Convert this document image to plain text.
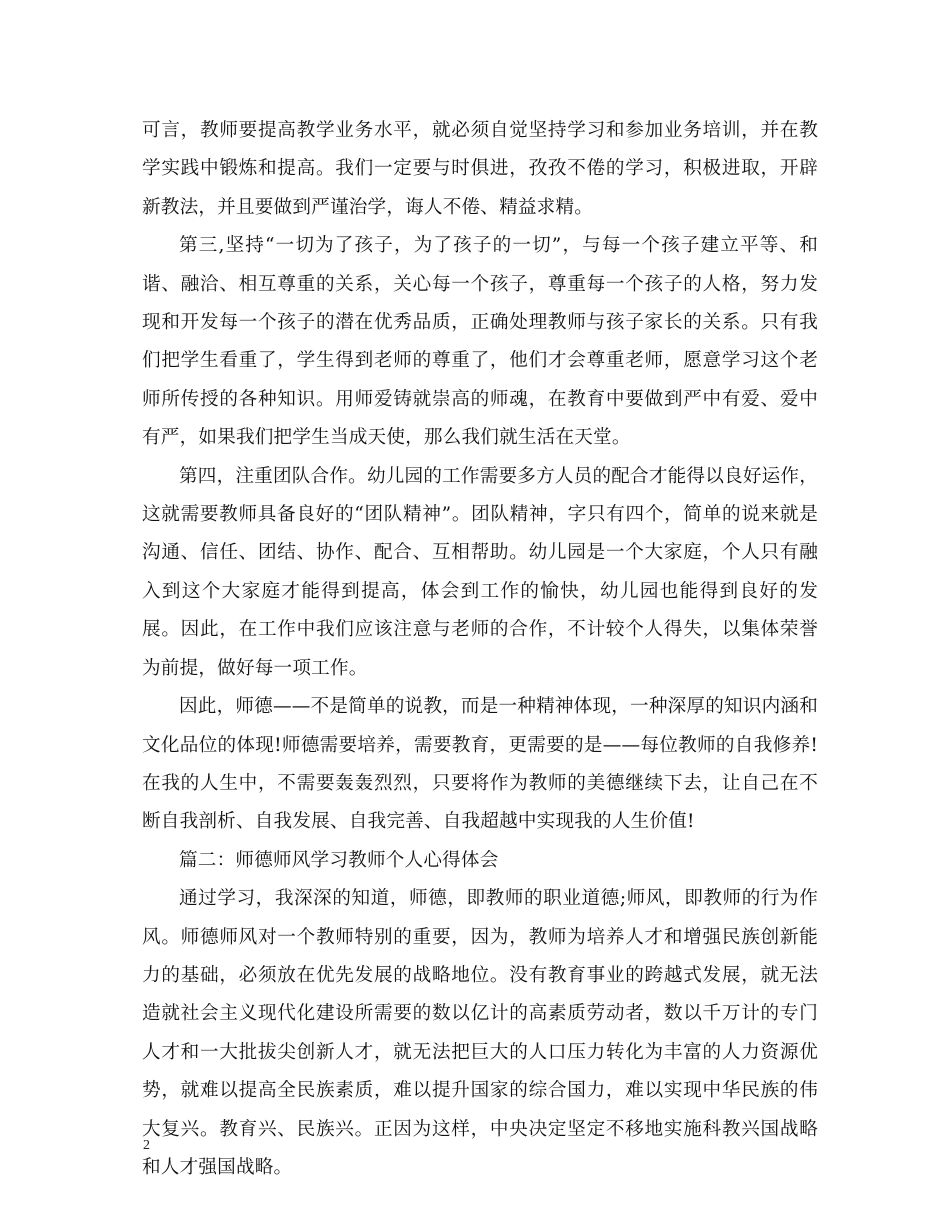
可言，教师要提高教学业务水平，就必须自觉坚持学习和参加业务培训，并在教学实践中锻炼和提高。我们一定要与时俱进，孜孜不倦的学习，积极进取，开辟新教法，并且要做到严谨治学，诲人不倦、精益求精。

第三,坚持“一切为了孩子，为了孩子的一切”，与每一个孩子建立平等、和谐、融洽、相互尊重的关系，关心每一个孩子，尊重每一个孩子的人格，努力发现和开发每一个孩子的潜在优秀品质，正确处理教师与孩子家长的关系。只有我们把学生看重了，学生得到老师的尊重了，他们才会尊重老师，愿意学习这个老师所传授的各种知识。用师爱铸就崇高的师魂，在教育中要做到严中有爱、爱中有严，如果我们把学生当成天使，那么我们就生活在天堂。

第四，注重团队合作。幼儿园的工作需要多方人员的配合才能得以良好运作，这就需要教师具备良好的“团队精神”。团队精神，字只有四个，简单的说来就是沟通、信任、团结、协作、配合、互相帮助。幼儿园是一个大家庭，个人只有融入到这个大家庭才能得到提高，体会到工作的愉快，幼儿园也能得到良好的发展。因此，在工作中我们应该注意与老师的合作，不计较个人得失，以集体荣誉为前提，做好每一项工作。

因此，师德——不是简单的说教，而是一种精神体现，一种深厚的知识内涵和文化品位的体现!师德需要培养，需要教育，更需要的是——每位教师的自我修养!在我的人生中，不需要轰轰烈烈，只要将作为教师的美德继续下去，让自己在不断自我剖析、自我发展、自我完善、自我超越中实现我的人生价值!

篇二：师德师风学习教师个人心得体会

通过学习，我深深的知道，师德，即教师的职业道德;师风，即教师的行为作风。师德师风对一个教师特别的重要，因为，教师为培养人才和增强民族创新能力的基础，必须放在优先发展的战略地位。没有教育事业的跨越式发展，就无法造就社会主义现代化建设所需要的数以亿计的高素质劳动者，数以千万计的专门人才和一大批拔尖创新人才，就无法把巨大的人口压力转化为丰富的人力资源优势，就难以提高全民族素质，难以提升国家的综合国力，难以实现中华民族的伟大复兴。教育兴、民族兴。正因为这样，中央决定坚定不移地实施科教兴国战略和人才强国战略。

2
